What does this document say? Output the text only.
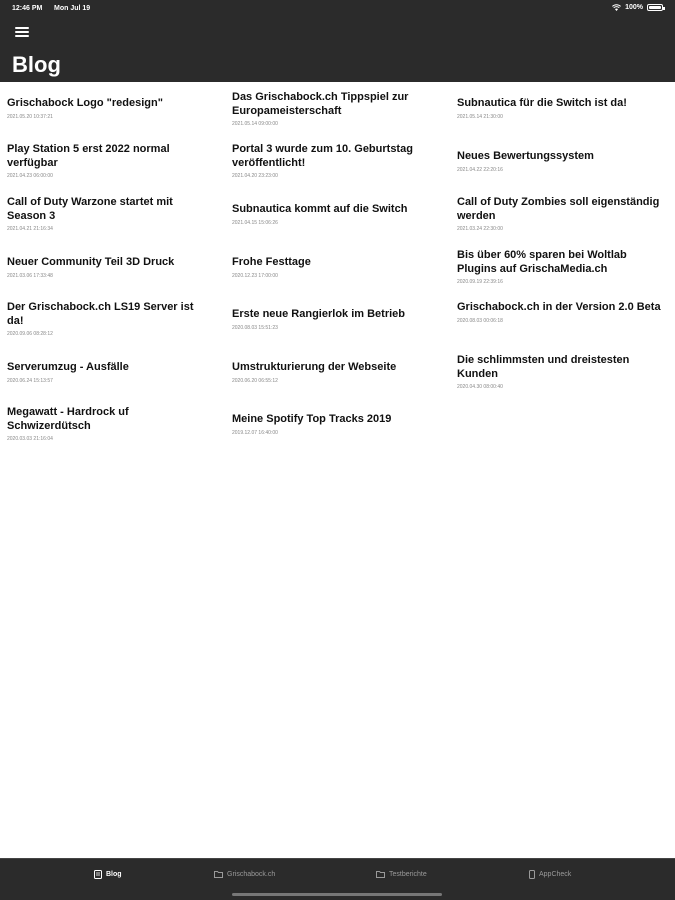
12:46 PM Mon Jul 19	100%
Blog
Grischabock Logo "redesign"
2021.05.20 10:37:21
Play Station 5 erst 2022 normal verfügbar
2021.04.23 06:00:00
Call of Duty Warzone startet mit Season 3
2021.04.21 21:16:34
Neuer Community Teil 3D Druck
2021.03.06 17:33:48
Der Grischabock.ch LS19 Server ist da!
2020.09.06 08:28:12
Serverumzug - Ausfälle
2020.06.24 15:13:57
Megawatt - Hardrock uf Schwizerdütsch
2020.03.03 21:16:04
Das Grischabock.ch Tippspiel zur Europameisterschaft
2021.05.14 09:00:00
Portal 3 wurde zum 10. Geburtstag veröffentlicht!
2021.04.20 23:23:00
Subnautica kommt auf die Switch
2021.04.15 15:06:26
Frohe Festtage
2020.12.23 17:00:00
Erste neue Rangierlok im Betrieb
2020.08.03 15:51:23
Umstrukturierung der Webseite
2020.06.20 06:55:12
Meine Spotify Top Tracks 2019
2019.12.07 16:40:00
Subnautica für die Switch ist da!
2021.05.14 21:30:00
Neues Bewertungssystem
2021.04.22 22:20:16
Call of Duty Zombies soll eigenständig werden
2021.03.24 22:30:00
Bis über 60% sparen bei Woltlab Plugins auf GrischaMedia.ch
2020.09.19 22:39:16
Grischabock.ch in der Version 2.0 Beta
2020.08.03 00:06:18
Die schlimmsten und dreistesten Kunden
2020.04.30 08:00:40
Blog	Grischabock.ch	Testberichte	AppCheck
